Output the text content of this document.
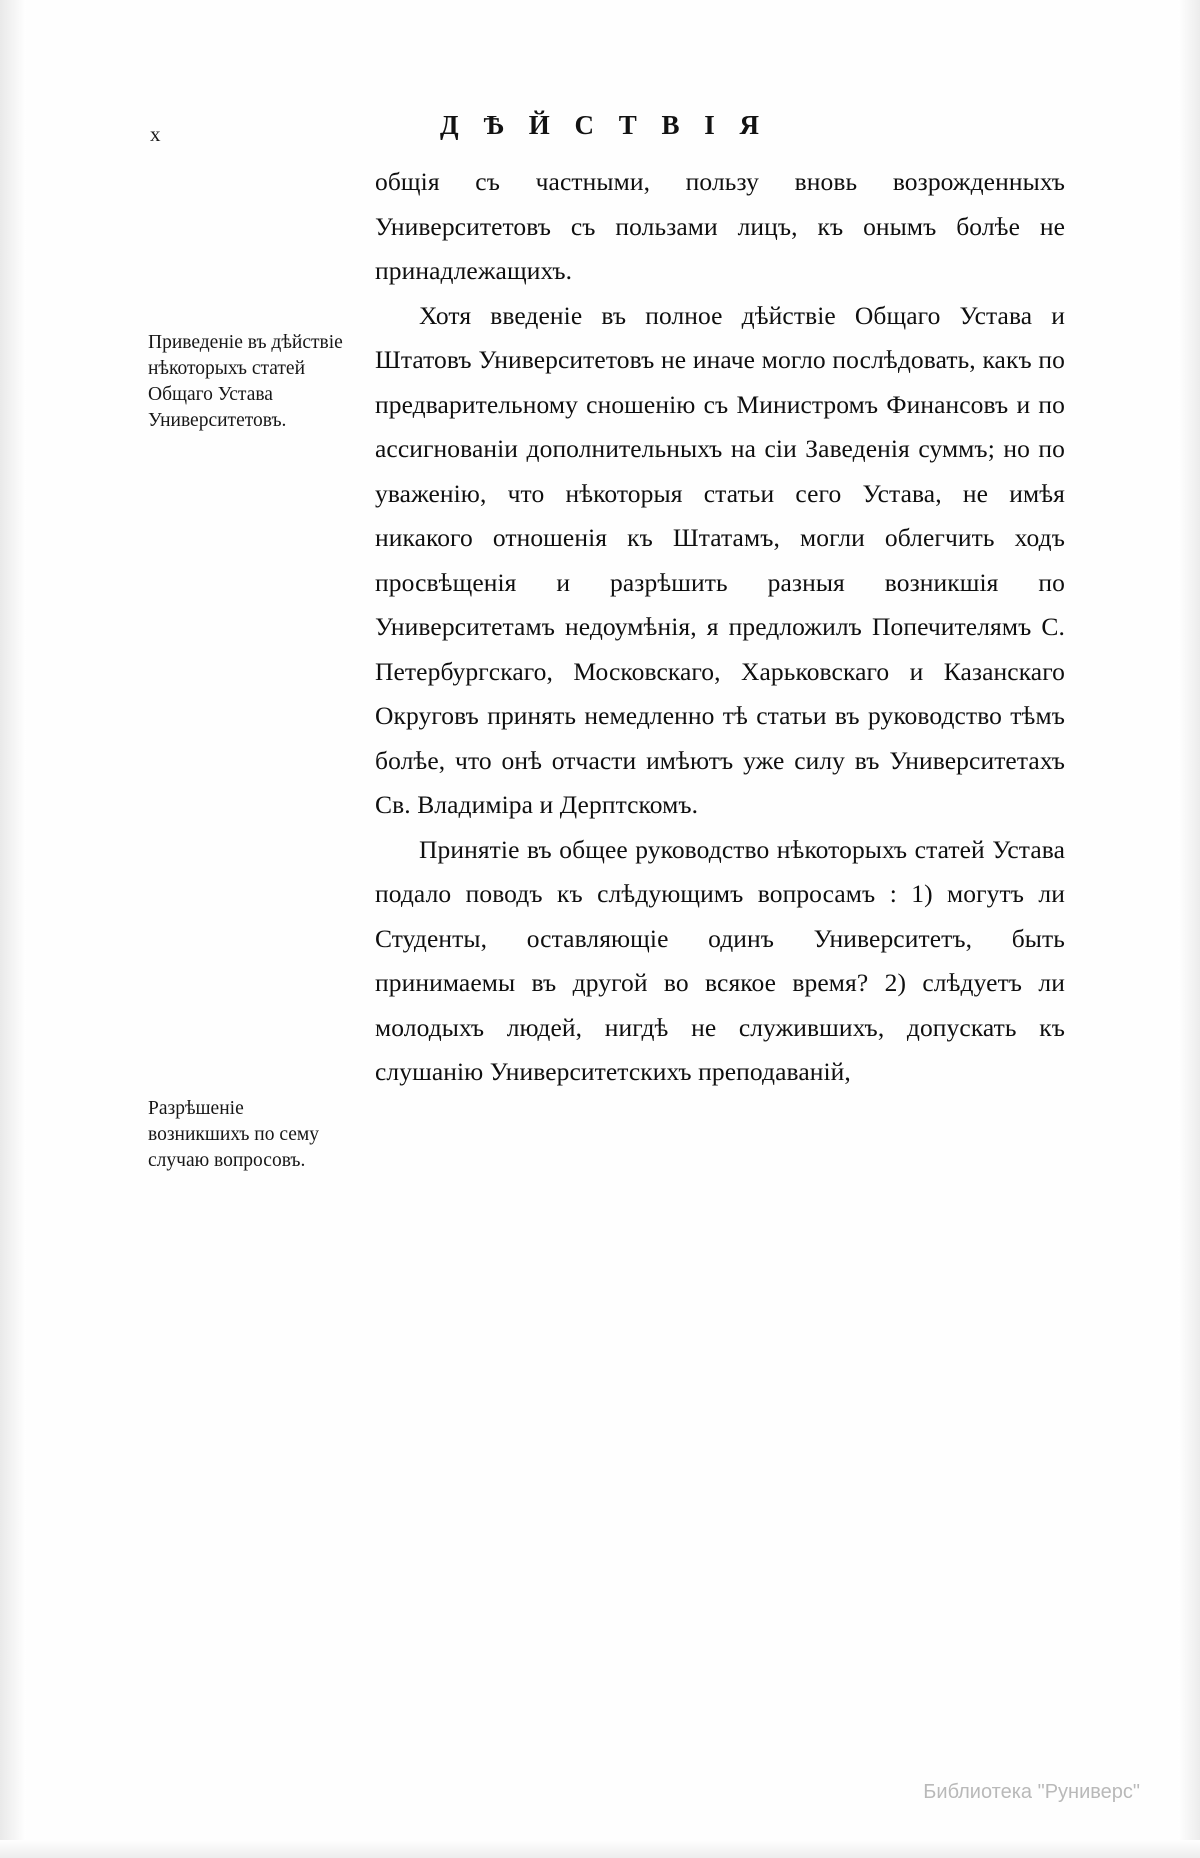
x	Д Ѣ Й С Т В І Я
Приведеніе въ дѣйствіе нѣкоторыхъ статей Общаго Устава Университетовъ.
Разрѣшеніе возникшихъ по сему случаю вопросовъ.

общія съ частными, пользу вновь возрожденныхъ Университетовъ съ пользами лицъ, къ онымъ болѣе не принадлежащихъ.

Хотя введеніе въ полное дѣйствіе Общаго Устава и Штатовъ Университетовъ не иначе могло послѣдовать, какъ по предварительному сношенію съ Министромъ Финансовъ и по ассигнованіи дополнительныхъ на сіи Заведенія суммъ; но по уваженію, что нѣкоторыя статьи сего Устава, не имѣя никакого отношенія къ Штатамъ, могли облегчить ходъ просвѣщенія и разрѣшить разныя возникшія по Университетамъ недоумѣнія, я предложилъ Попечителямъ С. Петербургскаго, Московскаго, Харьковскаго и Казанскаго Округовъ принять немедленно тѣ статьи въ руководство тѣмъ болѣе, что онѣ отчасти имѣютъ уже силу въ Университетахъ Св. Владиміра и Дерптскомъ.

Принятіе въ общее руководство нѣкоторыхъ статей Устава подало поводъ къ слѣдующимъ вопросамъ : 1) могутъ ли Студенты, оставляющіе одинъ Университетъ, быть принимаемы въ другой во всякое время? 2) слѣдуетъ ли молодыхъ людей, нигдѣ не служившихъ, допускать къ слушанію Университетскихъ преподаваній,

Библиотека "Руниверс"
